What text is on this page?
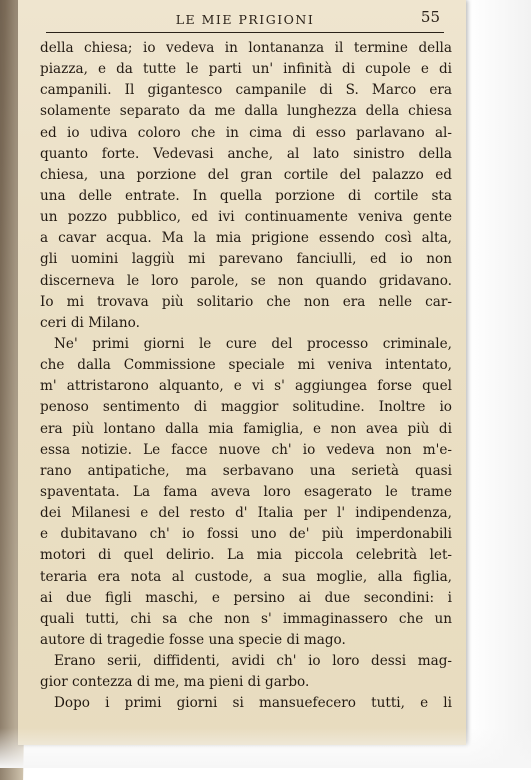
LE MIE PRIGIONI	55
della chiesa; io vedeva in lontananza il termine della
piazza, e da tutte le parti un' infinità di cupole e di
campanili. Il gigantesco campanile di S. Marco era
solamente separato da me dalla lunghezza della chiesa
ed io udiva coloro che in cima di esso parlavano al-
quanto forte. Vedevasi anche, al lato sinistro della
chiesa, una porzione del gran cortile del palazzo ed
una delle entrate. In quella porzione di cortile sta
un pozzo pubblico, ed ivi continuamente veniva gente
a cavar acqua. Ma la mia prigione essendo così alta,
gli uomini laggiù mi parevano fanciulli, ed io non
discerneva le loro parole, se non quando gridavano.
Io mi trovava più solitario che non era nelle car-
ceri di Milano.
Ne' primi giorni le cure del processo criminale,
che dalla Commissione speciale mi veniva intentato,
m' attristarono alquanto, e vi s' aggiungea forse quel
penoso sentimento di maggior solitudine. Inoltre io
era più lontano dalla mia famiglia, e non avea più di
essa notizie. Le facce nuove ch' io vedeva non m'e-
rano antipatiche, ma serbavano una serietà quasi
spaventata. La fama aveva loro esagerato le trame
dei Milanesi e del resto d' Italia per l' indipendenza,
e dubitavano ch' io fossi uno de' più imperdonabili
motori di quel delirio. La mia piccola celebrità let-
teraria era nota al custode, a sua moglie, alla figlia,
ai due figli maschi, e persino ai due secondini: i
quali tutti, chi sa che non s' immaginassero che un
autore di tragedie fosse una specie di mago.
Erano serii, diffidenti, avidi ch' io loro dessi mag-
gior contezza di me, ma pieni di garbo.
Dopo i primi giorni si mansuefecero tutti, e li
